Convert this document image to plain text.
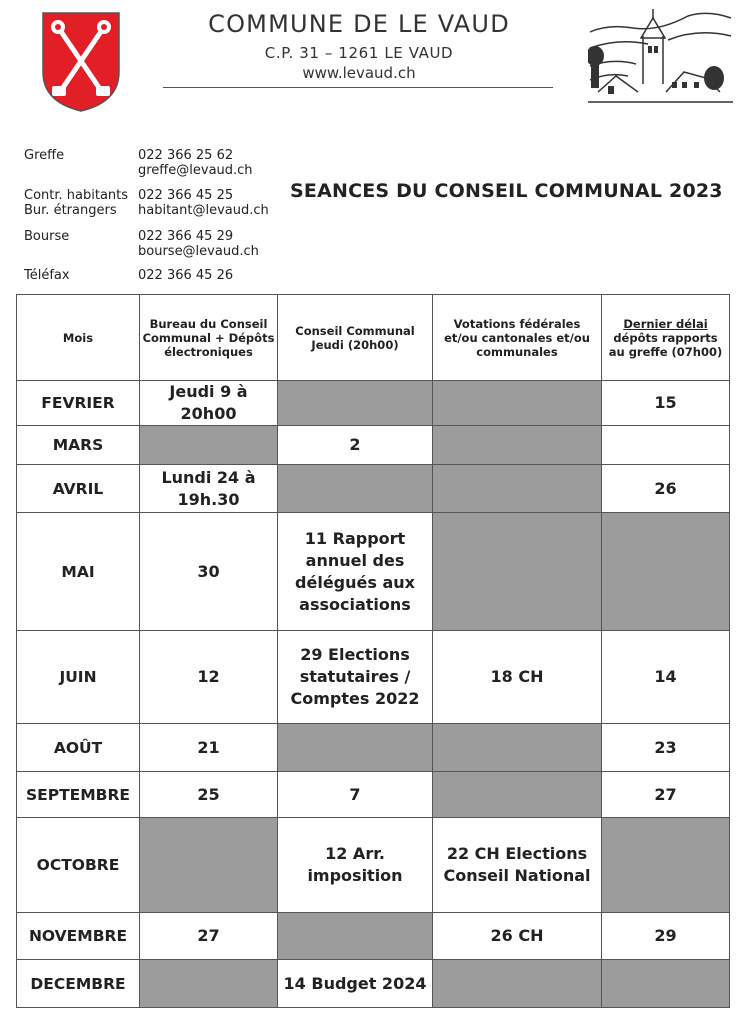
COMMUNE DE LE VAUD
C.P. 31 – 1261 LE VAUD
www.levaud.ch
Greffe	022 366 25 62
greffe@levaud.ch
Contr. habitants
Bur. étrangers
022 366 45 25
habitant@levaud.ch
Bourse	022 366 45 29
bourse@levaud.ch
Téléfax	022 366 45 26
SEANCES DU CONSEIL COMMUNAL 2023
Mois	Bureau du Conseil Communal + Dépôts électroniques	Conseil Communal Jeudi (20h00)	Votations fédérales et/ou cantonales et/ou communales	Dernier délai
dépôts rapports au greffe (07h00)
FEVRIER	Jeudi 9 à 20h00			15
MARS		2		
AVRIL	Lundi 24 à 19h.30			26
MAI	30	11 Rapport annuel des délégués aux associations		
JUIN	12	29 Elections statutaires / Comptes 2022	18 CH	14
AOÛT	21			23
SEPTEMBRE	25	7		27
OCTOBRE		12 Arr. imposition	22 CH Elections Conseil National	
NOVEMBRE	27		26 CH	29
DECEMBRE		14 Budget 2024		
